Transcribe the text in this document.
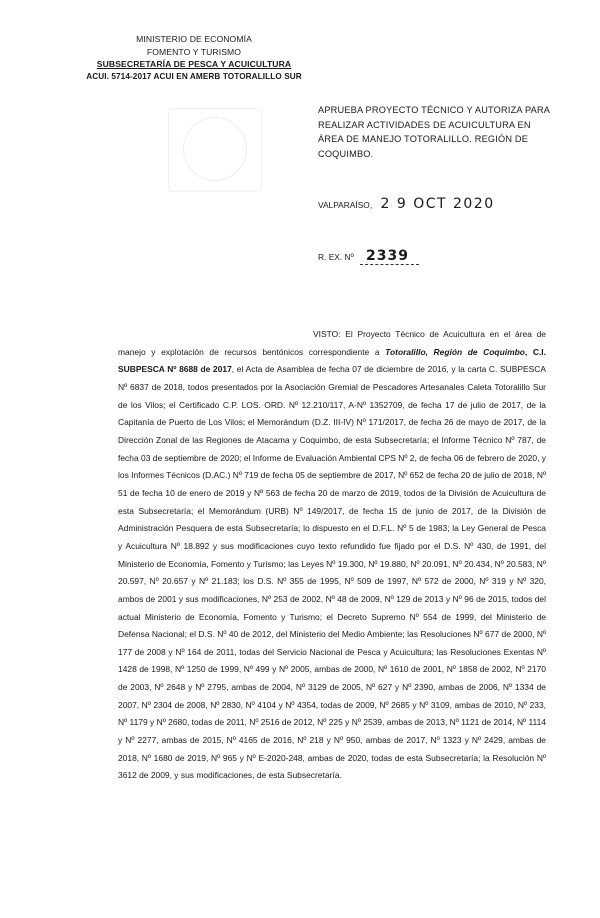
MINISTERIO DE ECONOMÍA
FOMENTO Y TURISMO
SUBSECRETARÍA DE PESCA Y ACUICULTURA
ACUI. 5714-2017 ACUI EN AMERB TOTORALILLO SUR
APRUEBA PROYECTO TÉCNICO Y AUTORIZA PARA REALIZAR ACTIVIDADES DE ACUICULTURA EN ÁREA DE MANEJO TOTORALILLO. REGIÓN DE COQUIMBO.
VALPARAÍSO, 2 9 OCT 2020
R. EX. Nº 2339
VISTO: El Proyecto Técnico de Acuicultura en el área de manejo y explotación de recursos bentónicos correspondiente a Totoralillo, Región de Coquimbo, C.I. SUBPESCA Nº 8688 de 2017, el Acta de Asamblea de fecha 07 de diciembre de 2016, y la carta C. SUBPESCA Nº 6837 de 2018, todos presentados por la Asociación Gremial de Pescadores Artesanales Caleta Totoralillo Sur de los Vilos; el Certificado C.P. LOS. ORD. Nº 12.210/117, A-Nº 1352709, de fecha 17 de julio de 2017, de la Capitanía de Puerto de Los Vilos; el Memorándum (D.Z. III-IV) Nº 171/2017, de fecha 26 de mayo de 2017, de la Dirección Zonal de las Regiones de Atacama y Coquimbo, de esta Subsecretaría; el Informe Técnico Nº 787, de fecha 03 de septiembre de 2020; el Informe de Evaluación Ambiental CPS Nº 2, de fecha 06 de febrero de 2020, y los Informes Técnicos (D.AC.) Nº 719 de fecha 05 de septiembre de 2017, Nº 652 de fecha 20 de julio de 2018, Nº 51 de fecha 10 de enero de 2019 y Nº 563 de fecha 20 de marzo de 2019, todos de la División de Acuicultura de esta Subsecretaría; el Memorándum (URB) Nº 149/2017, de fecha 15 de junio de 2017, de la División de Administración Pesquera de esta Subsecretaría; lo dispuesto en el D.F.L. Nº 5 de 1983; la Ley General de Pesca y Acuicultura Nº 18.892 y sus modificaciones cuyo texto refundido fue fijado por el D.S. Nº 430, de 1991, del Ministerio de Economía, Fomento y Turismo; las Leyes Nº 19.300, Nº 19.880, Nº 20.091, Nº 20.434, Nº 20.583, Nº 20.597, Nº 20.657 y Nº 21.183; los D.S. Nº 355 de 1995, Nº 509 de 1997, Nº 572 de 2000, Nº 319 y Nº 320, ambos de 2001 y sus modificaciones, Nº 253 de 2002, Nº 48 de 2009, Nº 129 de 2013 y Nº 96 de 2015, todos del actual Ministerio de Economía, Fomento y Turismo; el Decreto Supremo Nº 554 de 1999, del Ministerio de Defensa Nacional; el D.S. Nº 40 de 2012, del Ministerio del Medio Ambiente; las Resoluciones Nº 677 de 2000, Nº 177 de 2008 y Nº 164 de 2011, todas del Servicio Nacional de Pesca y Acuicultura; las Resoluciones Exentas Nº 1428 de 1998, Nº 1250 de 1999, Nº 499 y Nº 2005, ambas de 2000, Nº 1610 de 2001, Nº 1858 de 2002, Nº 2170 de 2003, Nº 2648 y Nº 2795, ambas de 2004, Nº 3129 de 2005, Nº 627 y Nº 2390, ambas de 2006, Nº 1334 de 2007, Nº 2304 de 2008, Nº 2830, Nº 4104 y Nº 4354, todas de 2009, Nº 2685 y Nº 3109, ambas de 2010, Nº 233, Nº 1179 y Nº 2680, todas de 2011, Nº 2516 de 2012, Nº 225 y Nº 2539, ambas de 2013, Nº 1121 de 2014, Nº 1114 y Nº 2277, ambas de 2015, Nº 4165 de 2016, Nº 218 y Nº 950, ambas de 2017, Nº 1323 y Nº 2429, ambas de 2018, Nº 1680 de 2019, Nº 965 y Nº E-2020-248, ambas de 2020, todas de esta Subsecretaría; la Resolución Nº 3612 de 2009, y sus modificaciones, de esta Subsecretaría.
